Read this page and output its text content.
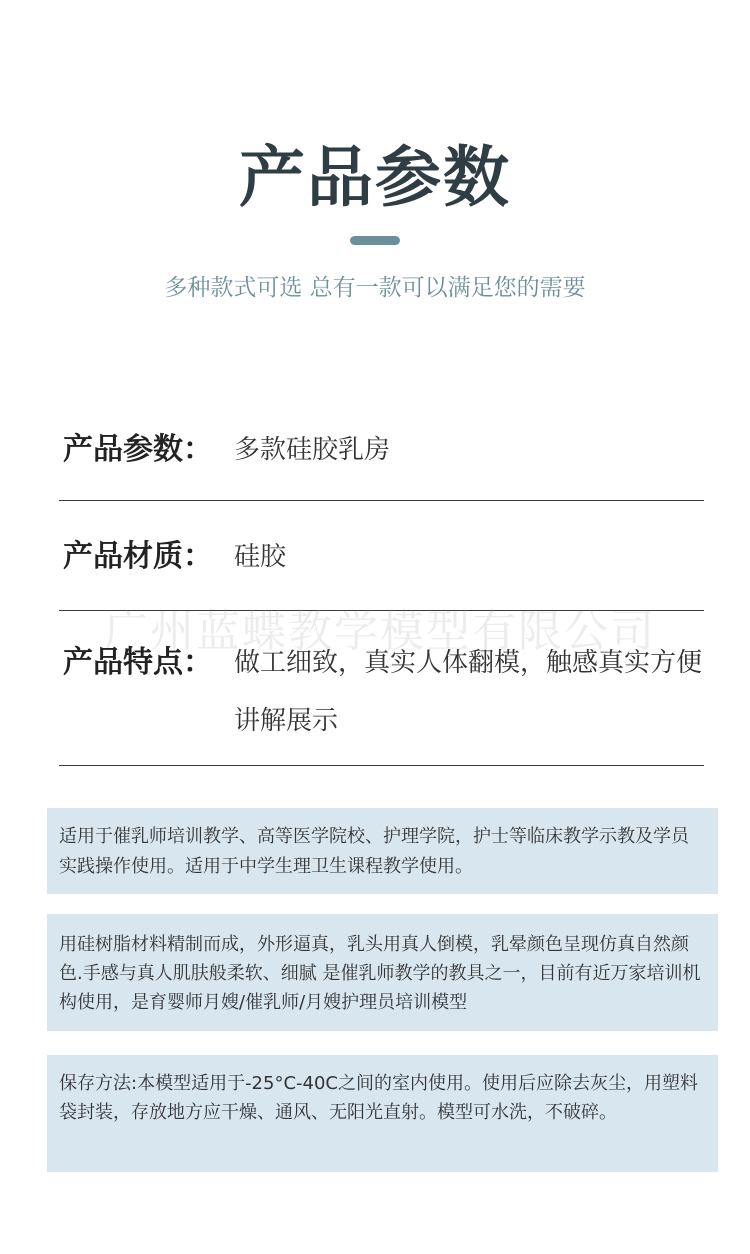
产品参数
多种款式可选 总有一款可以满足您的需要
产品参数： 多款硅胶乳房
产品材质： 硅胶
广州蓝蝶教学模型有限公司
产品特点： 做工细致，真实人体翻模，触感真实方便讲解展示

适用于催乳师培训教学、高等医学院校、护理学院，护士等临床教学示教及学员实践操作使用。适用于中学生理卫生课程教学使用。

用硅树脂材料精制而成，外形逼真，乳头用真人倒模，乳晕颜色呈现仿真自然颜色.手感与真人肌肤般柔软、细腻 是催乳师教学的教具之一，目前有近万家培训机构使用，是育婴师月嫂/催乳师/月嫂护理员培训模型

保存方法:本模型适用于-25°C-40C之间的室内使用。使用后应除去灰尘，用塑料袋封装，存放地方应干燥、通风、无阳光直射。模型可水洗，不破碎。
